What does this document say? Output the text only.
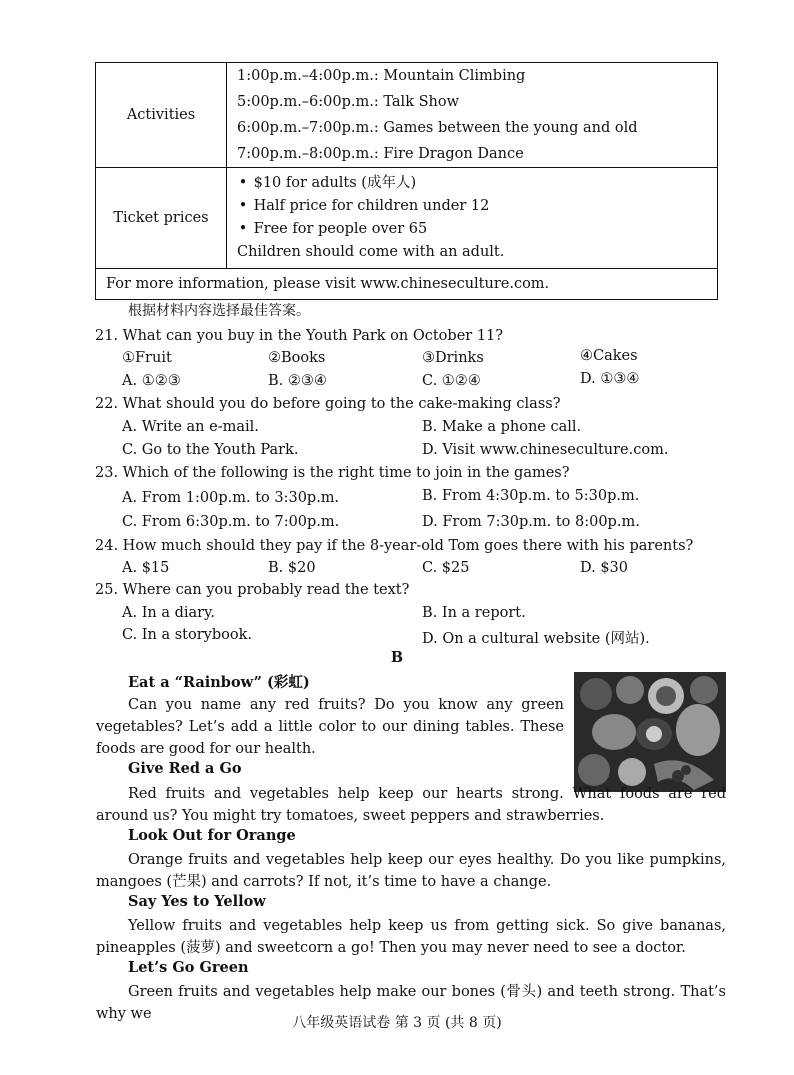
Activities	1:00p.m.–4:00p.m.: Mountain Climbing
5:00p.m.–6:00p.m.: Talk Show
6:00p.m.–7:00p.m.: Games between the young and old
7:00p.m.–8:00p.m.: Fire Dragon Dance

Ticket prices	• $10 for adults (成年人)
• Half price for children under 12
• Free for people over 65
Children should come with an adult.

For more information, please visit www.chineseculture.com.	
根据材料内容选择最佳答案。
21. What can you buy in the Youth Park on October 11?
①Fruit	②Books	③Drinks	④Cakes
A. ①②③	B. ②③④	C. ①②④	D. ①③④
22. What should you do before going to the cake-making class?
A. Write an e-mail.	B. Make a phone call.
C. Go to the Youth Park.	D. Visit www.chineseculture.com.
23. Which of the following is the right time to join in the games?
A. From 1:00p.m. to 3:30p.m.	B. From 4:30p.m. to 5:30p.m.
C. From 6:30p.m. to 7:00p.m.	D. From 7:30p.m. to 8:00p.m.
24. How much should they pay if the 8-year-old Tom goes there with his parents?
A. $15	B. $20	C. $25	D. $30
25. Where can you probably read the text?
A. In a diary.	B. In a report.
C. In a storybook.	D. On a cultural website (网站).
B
Eat a “Rainbow” (彩虹)
Can you name any red fruits? Do you know any green vegetables? Let’s add a little color to our dining tables. These foods are good for our health.
Give Red a Go
Red fruits and vegetables help keep our hearts strong. What foods are red around us? You might try tomatoes, sweet peppers and strawberries.
Look Out for Orange
Orange fruits and vegetables help keep our eyes healthy. Do you like pumpkins, mangoes (芒果) and carrots? If not, it’s time to have a change.
Say Yes to Yellow
Yellow fruits and vegetables help keep us from getting sick. So give bananas, pineapples (菠萝) and sweetcorn a go! Then you may never need to see a doctor.
Let’s Go Green
Green fruits and vegetables help make our bones (骨头) and teeth strong. That’s why we
八年级英语试卷 第 3 页 (共 8 页)
